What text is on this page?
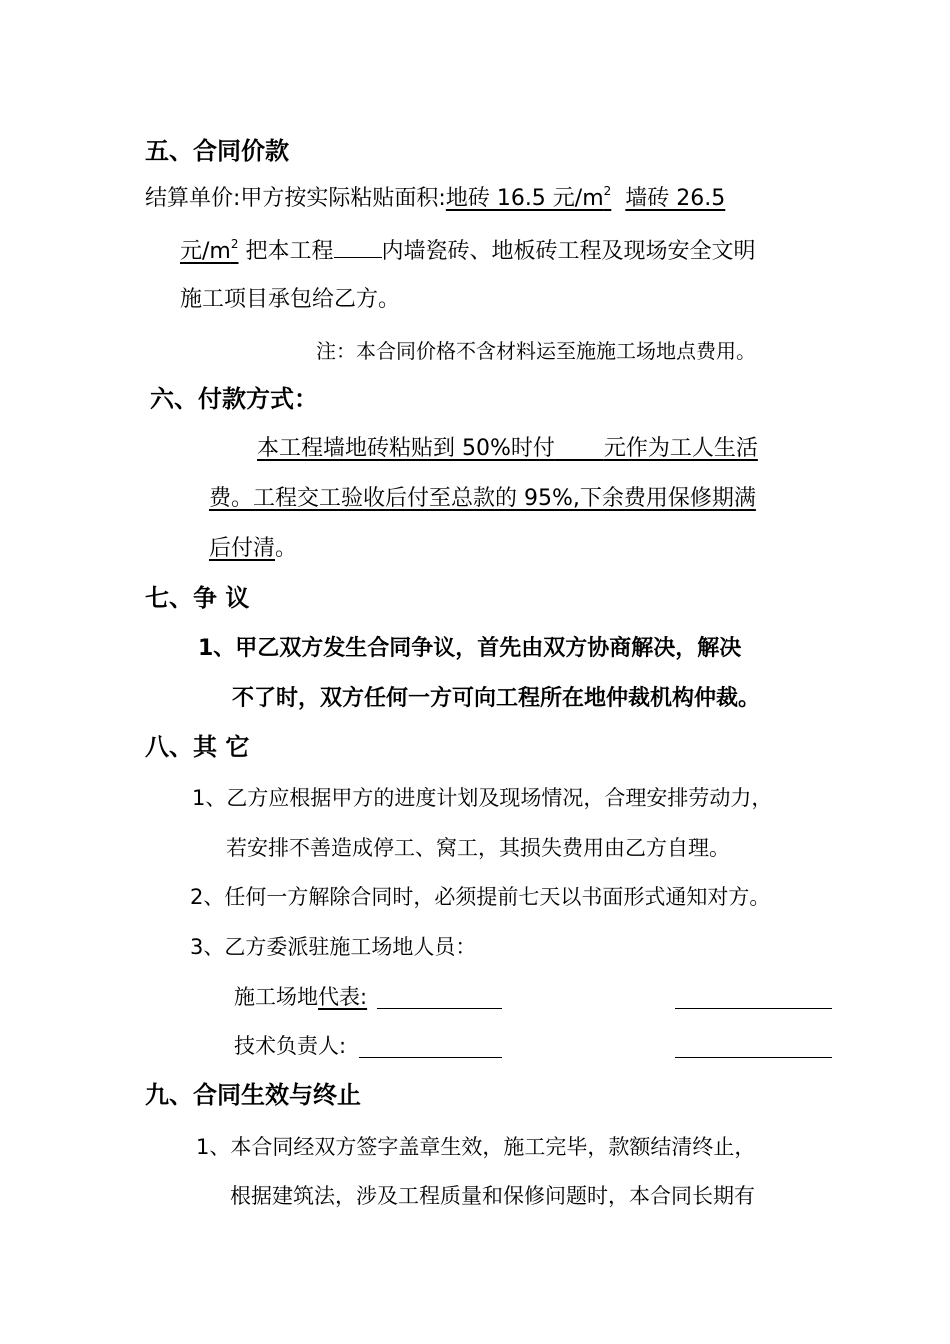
五、合同价款
结算单价:甲方按实际粘贴面积:地砖 16.5 元$/m^2$ 墙砖 26.5
元$/m^2$ 把本工程 内墙瓷砖、地板砖工程及现场安全文明
施工项目承包给乙方。
注：本合同价格不含材料运至施施工场地点费用。
六、付款方式：
本工程墙地砖粘贴到 50%时付 元作为工人生活
费。工程交工验收后付至总款的 95%,下余费用保修期满
后付清。
七、争 议
1、甲乙双方发生合同争议，首先由双方协商解决，解决
不了时，双方任何一方可向工程所在地仲裁机构仲裁。
八、其 它
1、乙方应根据甲方的进度计划及现场情况，合理安排劳动力，
若安排不善造成停工、窝工，其损失费用由乙方自理。
2、任何一方解除合同时，必须提前七天以书面形式通知对方。
3、乙方委派驻施工场地人员：
施工场地代表:
技术负责人:
九、合同生效与终止
1、本合同经双方签字盖章生效，施工完毕，款额结清终止，
根据建筑法，涉及工程质量和保修问题时，本合同长期有
